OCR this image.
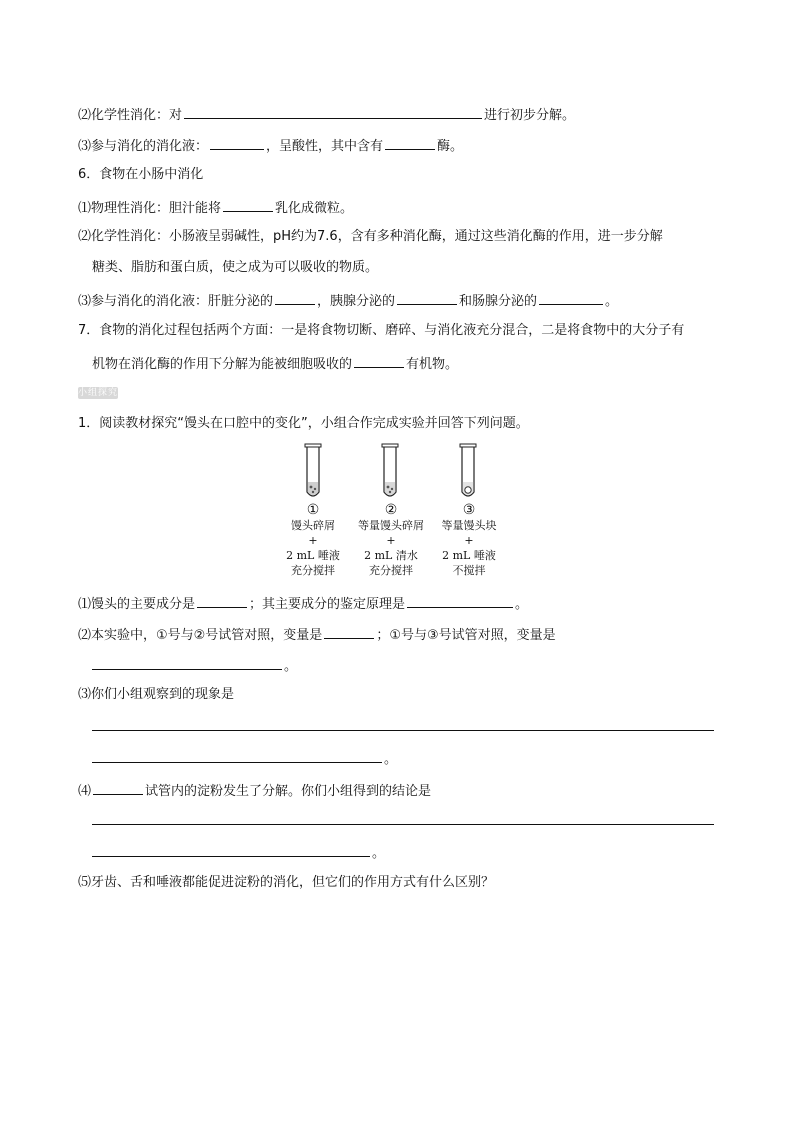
⑵化学性消化：对	进行初步分解。
⑶参与消化的消化液：	，呈酸性，其中含有	酶。
6．食物在小肠中消化
⑴物理性消化：胆汁能将	乳化成微粒。
⑵化学性消化：小肠液呈弱碱性，pH约为7.6，含有多种消化酶，通过这些消化酶的作用，进一步分解
糖类、脂肪和蛋白质，使之成为可以吸收的物质。
⑶参与消化的消化液：肝脏分泌的	，胰腺分泌的	和肠腺分泌的	。
7．食物的消化过程包括两个方面：一是将食物切断、磨碎、与消化液充分混合，二是将食物中的大分子有
机物在消化酶的作用下分解为能被细胞吸收的	有机物。
小组探究
1．阅读教材探究“馒头在口腔中的变化”，小组合作完成实验并回答下列问题。
①
馒头碎屑
+
2 mL 唾液
充分搅拌
②
等量馒头碎屑
+
2 mL 清水
充分搅拌
③
等量馒头块
+
2 mL 唾液
不搅拌
⑴馒头的主要成分是	；其主要成分的鉴定原理是	。
⑵本实验中，①号与②号试管对照，变量是	；①号与③号试管对照，变量是
。
⑶你们小组观察到的现象是
。
⑷	试管内的淀粉发生了分解。你们小组得到的结论是
。
⑸牙齿、舌和唾液都能促进淀粉的消化，但它们的作用方式有什么区别？
